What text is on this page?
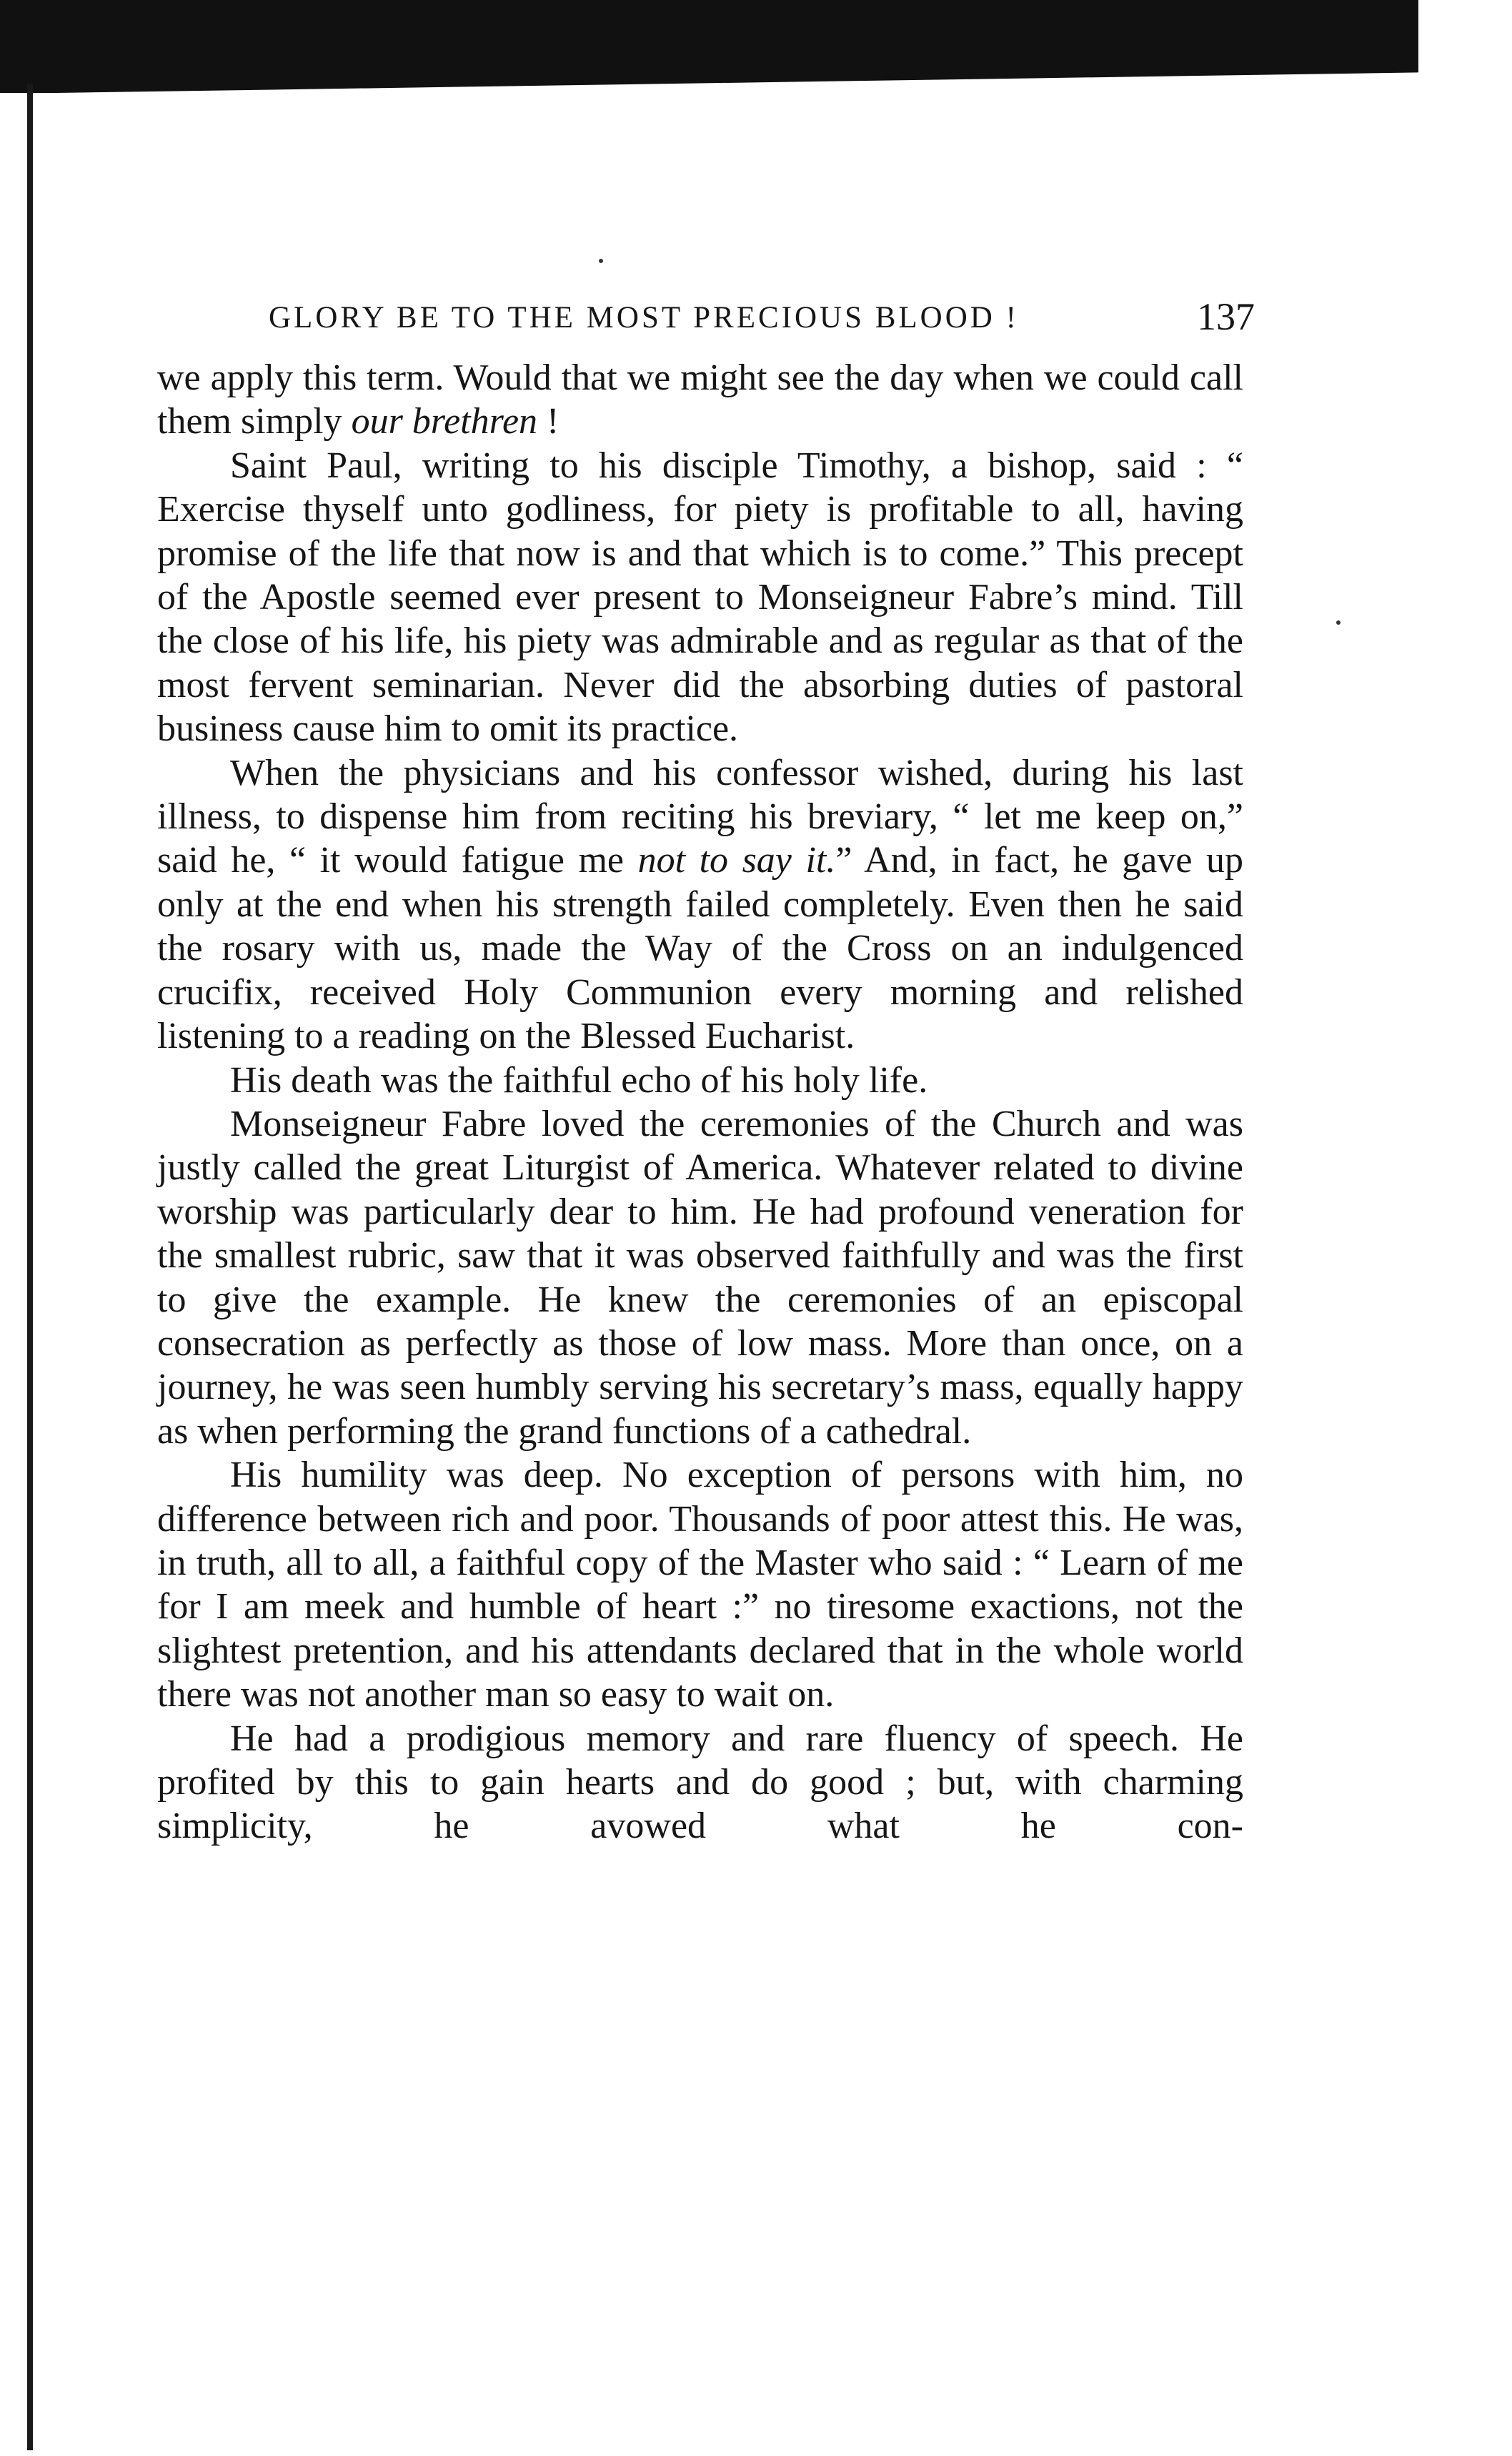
GLORY BE TO THE MOST PRECIOUS BLOOD !	137

we apply this term. Would that we might see the day when we could call them simply our brethren !

Saint Paul, writing to his disciple Timothy, a bishop, said : “ Exercise thyself unto godliness, for piety is profitable to all, having promise of the life that now is and that which is to come.” This precept of the Apostle seemed ever present to Monseigneur Fabre’s mind. Till the close of his life, his piety was admirable and as regular as that of the most fervent seminarian. Never did the absorbing duties of pastoral business cause him to omit its practice.

When the physicians and his confessor wished, during his last illness, to dispense him from reciting his breviary, “ let me keep on,” said he, “ it would fatigue me not to say it.” And, in fact, he gave up only at the end when his strength failed completely. Even then he said the rosary with us, made the Way of the Cross on an indulgenced crucifix, received Holy Communion every morning and relished listening to a reading on the Blessed Eucharist.

His death was the faithful echo of his holy life.

Monseigneur Fabre loved the ceremonies of the Church and was justly called the great Liturgist of America. Whatever related to divine worship was particularly dear to him. He had profound veneration for the smallest rubric, saw that it was observed faithfully and was the first to give the example. He knew the ceremonies of an episcopal consecration as perfectly as those of low mass. More than once, on a journey, he was seen humbly serving his secretary’s mass, equally happy as when performing the grand functions of a cathedral.

His humility was deep. No exception of persons with him, no difference between rich and poor. Thousands of poor attest this. He was, in truth, all to all, a faithful copy of the Master who said : “ Learn of me for I am meek and humble of heart :” no tiresome exactions, not the slightest pretention, and his attendants declared that in the whole world there was not another man so easy to wait on.

He had a prodigious memory and rare fluency of speech. He profited by this to gain hearts and do good ; but, with charming simplicity, he avowed what he con-
